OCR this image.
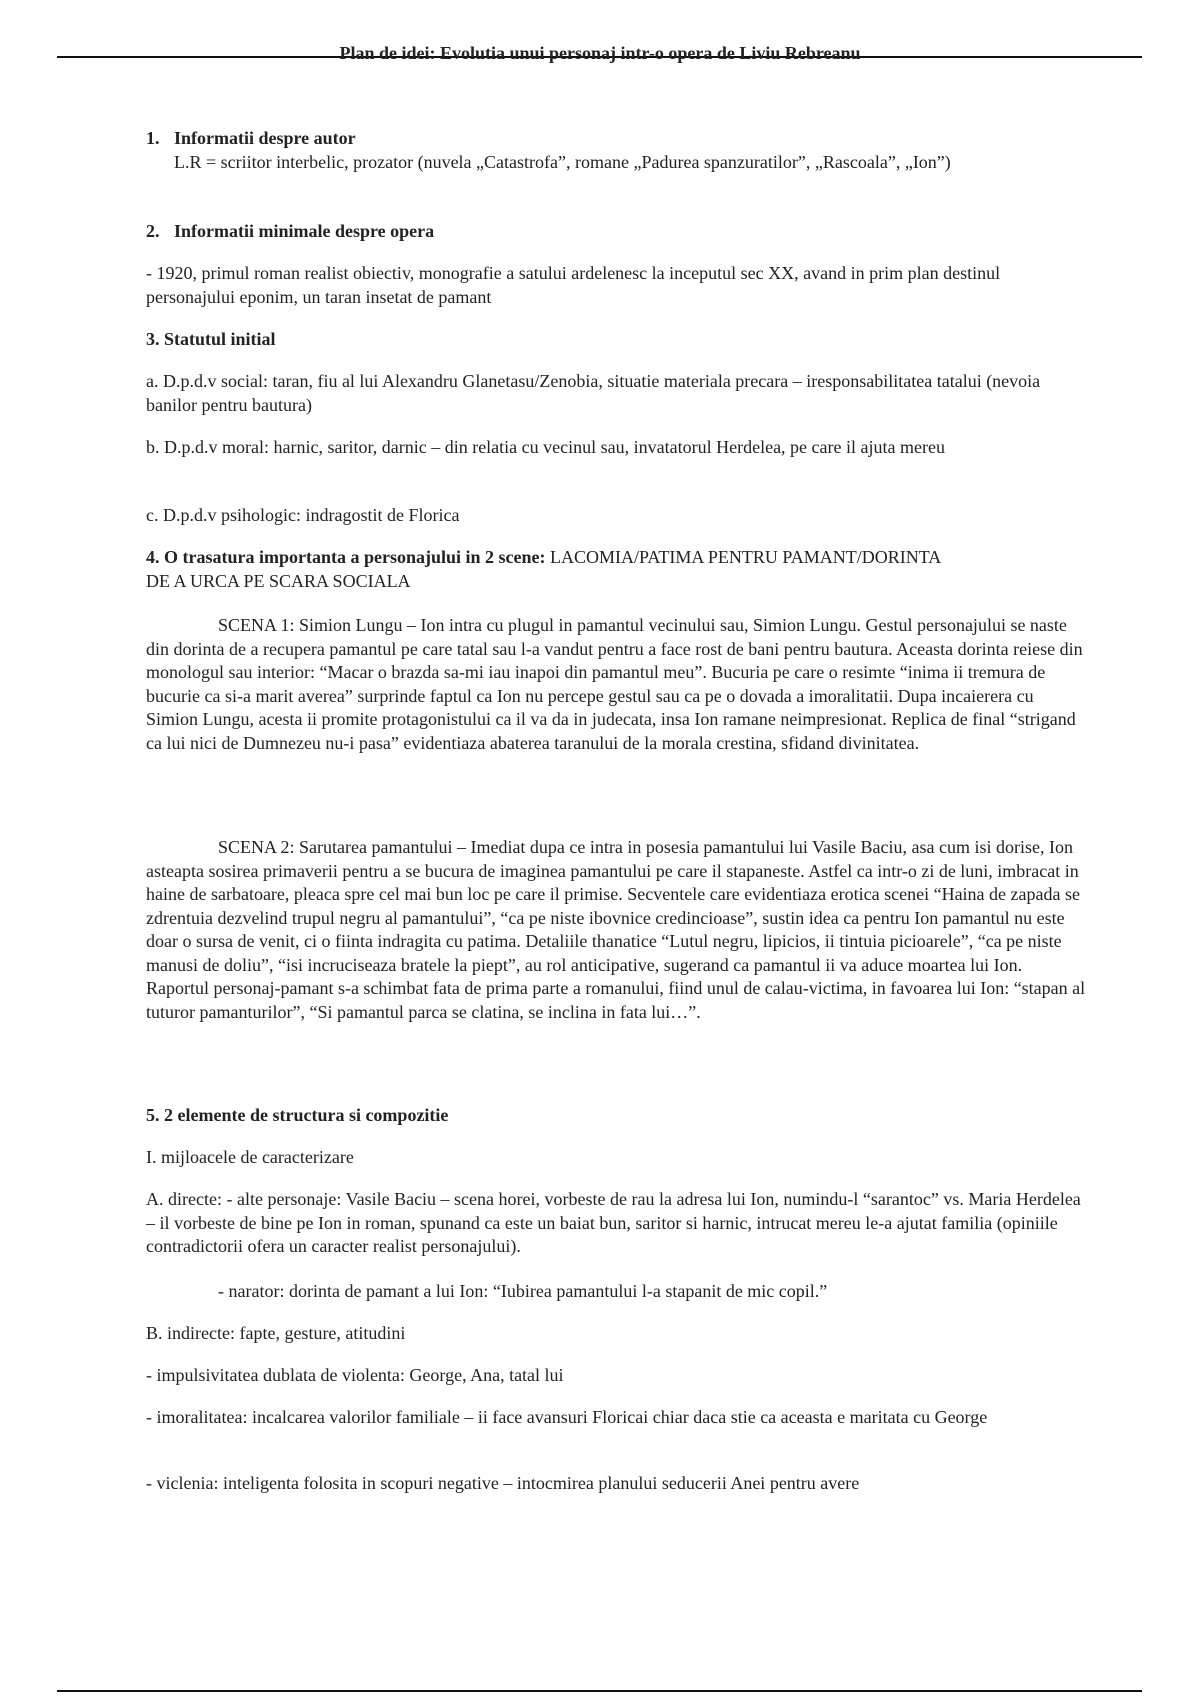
Plan de idei: Evolutia unui personaj intr-o opera de Liviu Rebreanu
1. Informatii despre autor
L.R = scriitor interbelic, prozator (nuvela „Catastrofa”, romane „Padurea spanzuratilor”, „Rascoala”, „Ion”)
2. Informatii minimale despre opera
- 1920, primul roman realist obiectiv, monografie a satului ardelenesc la inceputul sec XX, avand in prim plan destinul personajului eponim, un taran insetat de pamant
3. Statutul initial
a. D.p.d.v social: taran, fiu al lui Alexandru Glanetasu/Zenobia, situatie materiala precara – iresponsabilitatea tatalui (nevoia banilor pentru bautura)
b. D.p.d.v moral: harnic, saritor, darnic – din relatia cu vecinul sau, invatatorul Herdelea, pe care il ajuta mereu
c. D.p.d.v psihologic: indragostit de Florica
4. O trasatura importanta a personajului in 2 scene: LACOMIA/PATIMA PENTRU PAMANT/DORINTA DE A URCA PE SCARA SOCIALA
SCENA 1: Simion Lungu – Ion intra cu plugul in pamantul vecinului sau, Simion Lungu. Gestul personajului se naste din dorinta de a recupera pamantul pe care tatal sau l-a vandut pentru a face rost de bani pentru bautura. Aceasta dorinta reiese din monologul sau interior: “Macar o brazda sa-mi iau inapoi din pamantul meu”. Bucuria pe care o resimte “inima ii tremura de bucurie ca si-a marit averea” surprinde faptul ca Ion nu percepe gestul sau ca pe o dovada a imoralitatii. Dupa incaierera cu Simion Lungu, acesta ii promite protagonistului ca il va da in judecata, insa Ion ramane neimpresionat. Replica de final “strigand ca lui nici de Dumnezeu nu-i pasa” evidentiaza abaterea taranului de la morala crestina, sfidand divinitatea.
SCENA 2: Sarutarea pamantului – Imediat dupa ce intra in posesia pamantului lui Vasile Baciu, asa cum isi dorise, Ion asteapta sosirea primaverii pentru a se bucura de imaginea pamantului pe care il stapaneste. Astfel ca intr-o zi de luni, imbracat in haine de sarbatoare, pleaca spre cel mai bun loc pe care il primise. Secventele care evidentiaza erotica scenei “Haina de zapada se zdrentuia dezvelind trupul negru al pamantului”, “ca pe niste ibovnice credincioase”, sustin idea ca pentru Ion pamantul nu este doar o sursa de venit, ci o fiinta indragita cu patima. Detaliile thanatice “Lutul negru, lipicios, ii tintuia picioarele”, “ca pe niste manusi de doliu”, “isi incruciseaza bratele la piept”, au rol anticipative, sugerand ca pamantul ii va aduce moartea lui Ion. Raportul personaj-pamant s-a schimbat fata de prima parte a romanului, fiind unul de calau-victima, in favoarea lui Ion: “stapan al tuturor pamanturilor”, “Si pamantul parca se clatina, se inclina in fata lui…”.
5. 2 elemente de structura si compozitie
I. mijloacele de caracterizare
A. directe: - alte personaje: Vasile Baciu – scena horei, vorbeste de rau la adresa lui Ion, numindu-l “sarantoc” vs. Maria Herdelea – il vorbeste de bine pe Ion in roman, spunand ca este un baiat bun, saritor si harnic, intrucat mereu le-a ajutat familia (opiniile contradictorii ofera un caracter realist personajului).
- narator: dorinta de pamant a lui Ion: “Iubirea pamantului l-a stapanit de mic copil.”
B. indirecte: fapte, gesture, atitudini
- impulsivitatea dublata de violenta: George, Ana, tatal lui
- imoralitatea: incalcarea valorilor familiale – ii face avansuri Floricai chiar daca stie ca aceasta e maritata cu George
- viclenia: inteligenta folosita in scopuri negative – intocmirea planului seducerii Anei pentru avere
